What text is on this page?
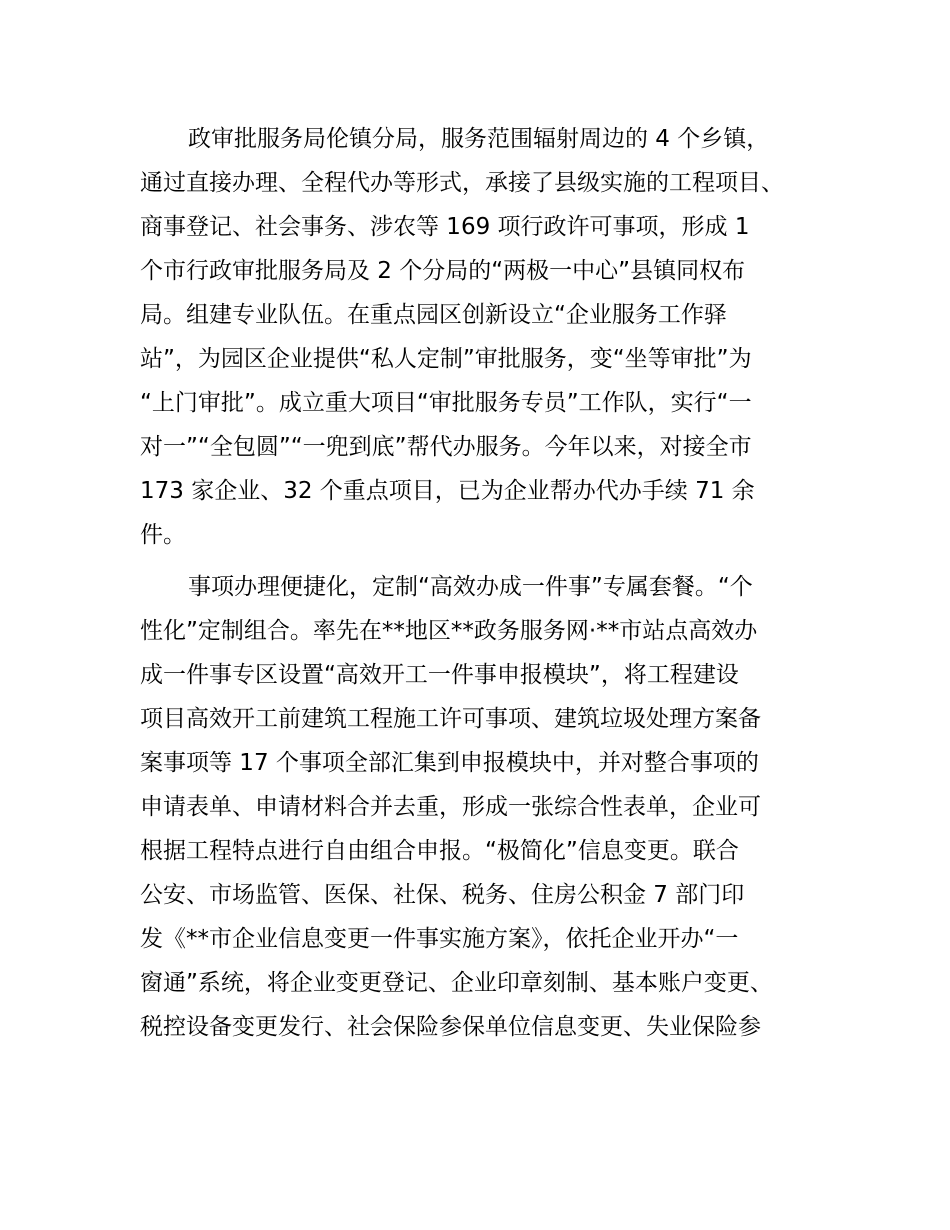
政审批服务局伦镇分局，服务范围辐射周边的 4 个乡镇，
通过直接办理、全程代办等形式，承接了县级实施的工程项目、
商事登记、社会事务、涉农等 169 项行政许可事项，形成 1
个市行政审批服务局及 2 个分局的“两极一中心”县镇同权布
局。组建专业队伍。在重点园区创新设立“企业服务工作驿
站”，为园区企业提供“私人定制”审批服务，变“坐等审批”为
“上门审批”。成立重大项目“审批服务专员”工作队，实行“一
对一”“全包圆”“一兜到底”帮代办服务。今年以来，对接全市
173 家企业、32 个重点项目，已为企业帮办代办手续 71 余
件。
事项办理便捷化，定制“高效办成一件事”专属套餐。“个
性化”定制组合。率先在**地区**政务服务网·**市站点高效办
成一件事专区设置“高效开工一件事申报模块”，将工程建设
项目高效开工前建筑工程施工许可事项、建筑垃圾处理方案备
案事项等 17 个事项全部汇集到申报模块中，并对整合事项的
申请表单、申请材料合并去重，形成一张综合性表单，企业可
根据工程特点进行自由组合申报。“极简化”信息变更。联合
公安、市场监管、医保、社保、税务、住房公积金 7 部门印
发《**市企业信息变更一件事实施方案》，依托企业开办“一
窗通”系统，将企业变更登记、企业印章刻制、基本账户变更、
税控设备变更发行、社会保险参保单位信息变更、失业保险参
